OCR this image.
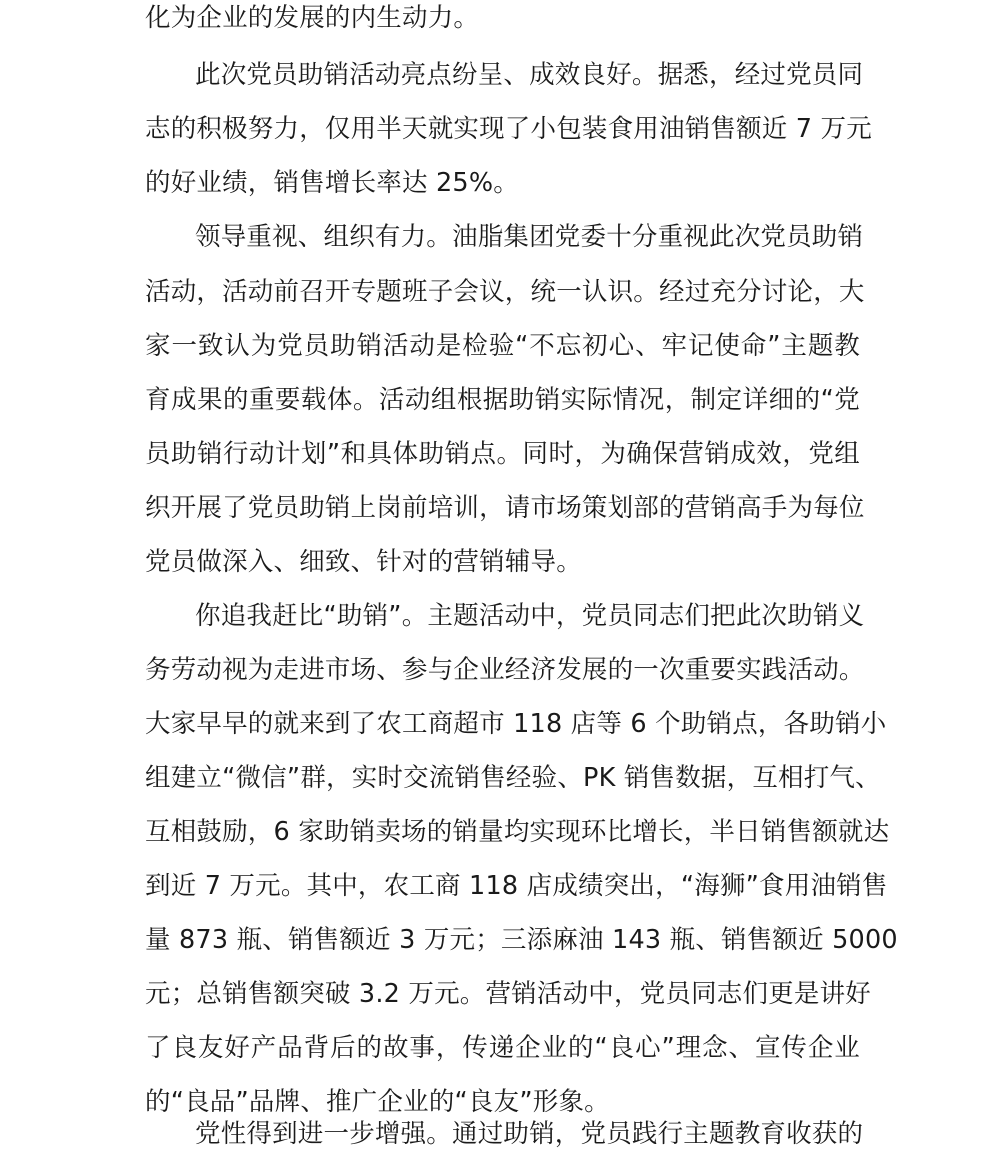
化为企业的发展的内生动力。
此次党员助销活动亮点纷呈、成效良好。据悉，经过党员同
志的积极努力，仅用半天就实现了小包装食用油销售额近 7 万元
的好业绩，销售增长率达 25%。
领导重视、组织有力。油脂集团党委十分重视此次党员助销
活动，活动前召开专题班子会议，统一认识。经过充分讨论，大
家一致认为党员助销活动是检验“不忘初心、牢记使命”主题教
育成果的重要载体。活动组根据助销实际情况，制定详细的“党
员助销行动计划”和具体助销点。同时，为确保营销成效，党组
织开展了党员助销上岗前培训，请市场策划部的营销高手为每位
党员做深入、细致、针对的营销辅导。
你追我赶比“助销”。主题活动中，党员同志们把此次助销义
务劳动视为走进市场、参与企业经济发展的一次重要实践活动。
大家早早的就来到了农工商超市 118 店等 6 个助销点，各助销小
组建立“微信”群，实时交流销售经验、PK 销售数据，互相打气、
互相鼓励，6 家助销卖场的销量均实现环比增长，半日销售额就达
到近 7 万元。其中，农工商 118 店成绩突出，“海狮”食用油销售
量 873 瓶、销售额近 3 万元；三添麻油 143 瓶、销售额近 5000
元；总销售额突破 3.2 万元。营销活动中，党员同志们更是讲好
了良友好产品背后的故事，传递企业的“良心”理念、宣传企业
的“良品”品牌、推广企业的“良友”形象。
党性得到进一步增强。通过助销，党员践行主题教育收获的
